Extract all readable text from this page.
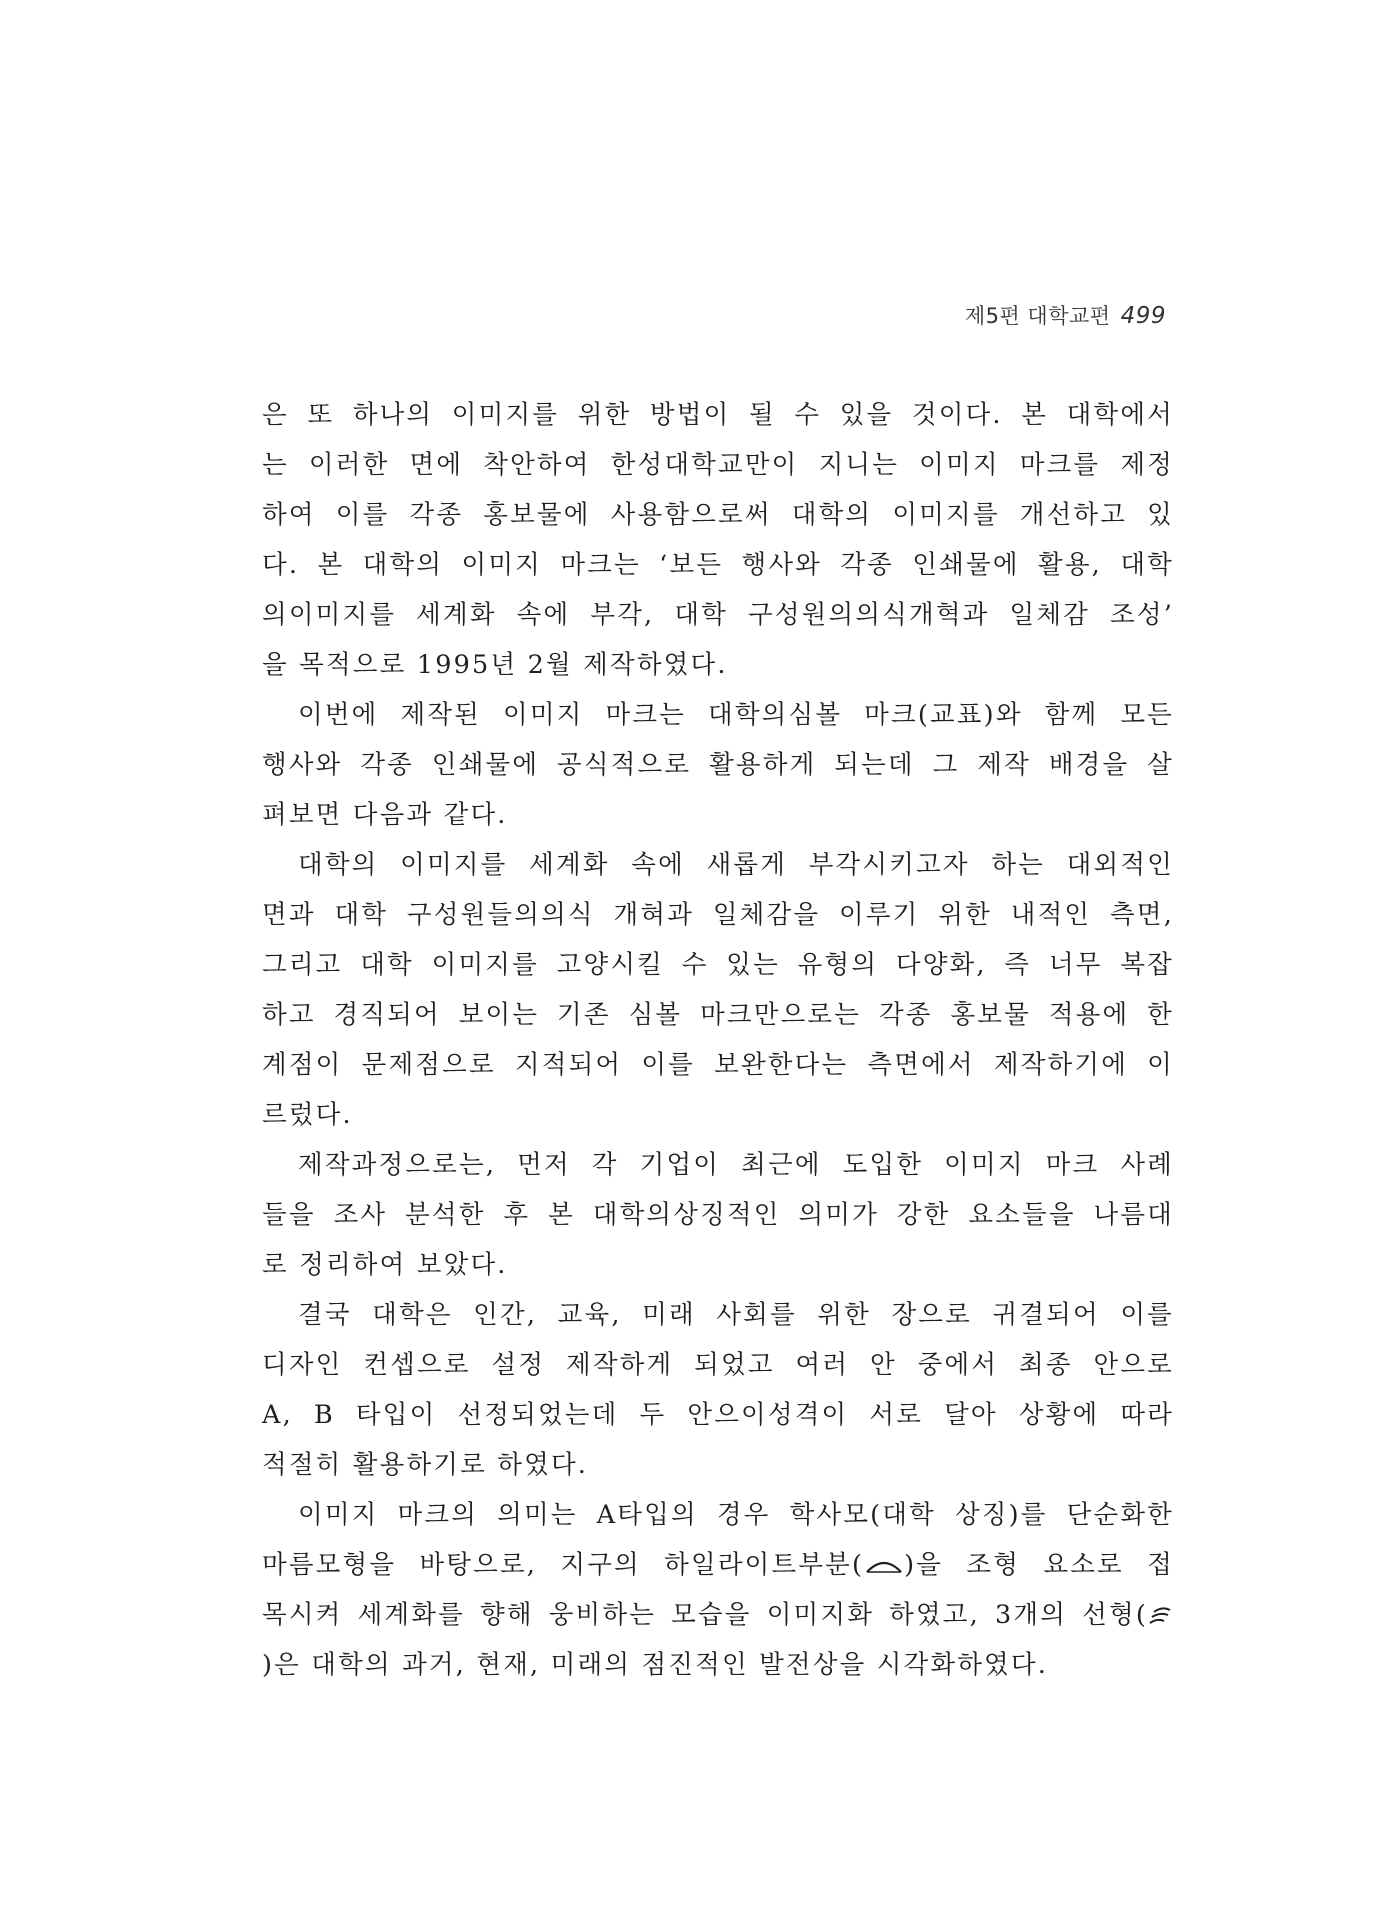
제5편 대학교편 499
은 또 하나의 이미지를 위한 방법이 될 수 있을 것이다. 본 대학에서
는 이러한 면에 착안하여 한성대학교만이 지니는 이미지 마크를 제정
하여 이를 각종 홍보물에 사용함으로써 대학의 이미지를 개선하고 있
다. 본 대학의 이미지 마크는 ‘보든 행사와 각종 인쇄물에 활용, 대학
의이미지를 세계화 속에 부각, 대학 구성원의의식개혁과 일체감 조성’
을 목적으로 1995년 2월 제작하였다.
이번에 제작된 이미지 마크는 대학의심볼 마크(교표)와 함께 모든
행사와 각종 인쇄물에 공식적으로 활용하게 되는데 그 제작 배경을 살
펴보면 다음과 같다.
대학의 이미지를 세계화 속에 새롭게 부각시키고자 하는 대외적인
면과 대학 구성원들의의식 개혀과 일체감을 이루기 위한 내적인 측면,
그리고 대학 이미지를 고양시킬 수 있는 유형의 다양화, 즉 너무 복잡
하고 경직되어 보이는 기존 심볼 마크만으로는 각종 홍보물 적용에 한
계점이 문제점으로 지적되어 이를 보완한다는 측면에서 제작하기에 이
르렀다.
제작과정으로는, 먼저 각 기업이 최근에 도입한 이미지 마크 사례
들을 조사 분석한 후 본 대학의상징적인 의미가 강한 요소들을 나름대
로 정리하여 보았다.
결국 대학은 인간, 교육, 미래 사회를 위한 장으로 귀결되어 이를
디자인 컨셉으로 설정 제작하게 되었고 여러 안 중에서 최종 안으로
A, B 타입이 선정되었는데 두 안으이성격이 서로 달아 상황에 따라
적절히 활용하기로 하였다.
이미지 마크의 의미는 A타입의 경우 학사모(대학 상징)를 단순화한
마름모형을 바탕으로, 지구의 하일라이트부분( )을 조형 요소로 접
목시켜 세계화를 향해 웅비하는 모습을 이미지화 하였고, 3개의 선형(
)은 대학의 과거, 현재, 미래의 점진적인 발전상을 시각화하였다.
